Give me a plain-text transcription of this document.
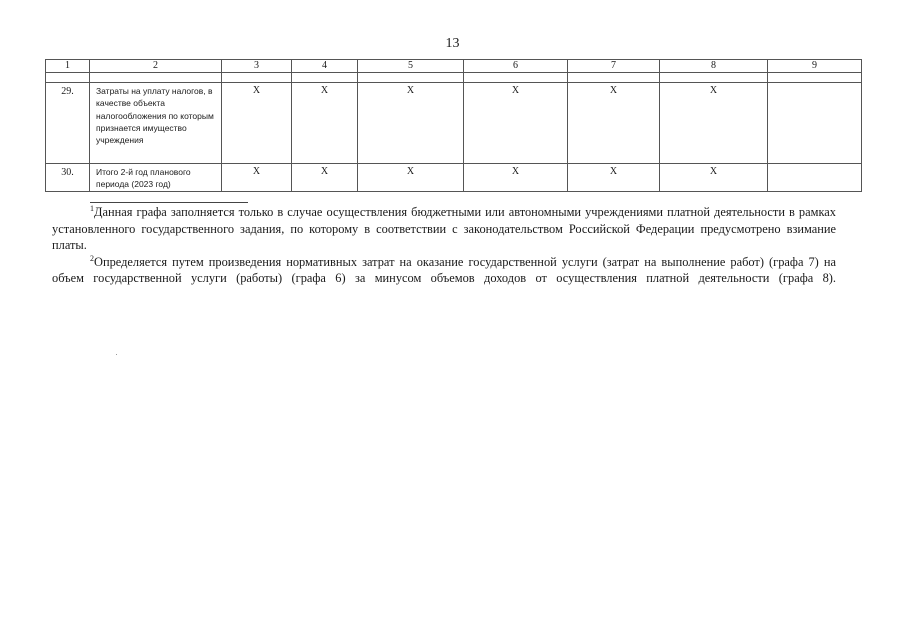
13
1	2	3	4	5	6	7	8	9

29.	Затраты на уплату налогов, в качестве объекта налогообложения по которым признается имущество учреждения	Х	Х	Х	Х	Х	Х	
30.	Итого 2-й год планового периода (2023 год)	Х	Х	Х	Х	Х	Х	

$^1$Данная графа заполняется только в случае осуществления бюджетными или автономными учреждениями платной деятельности в рамках установленного государственного задания, по которому в соответствии с законодательством Российской Федерации предусмотрено взимание платы.

$^2$Определяется путем произведения нормативных затрат на оказание государственной услуги (затрат на выполнение работ) (графа 7) на объем государственной услуги (работы) (графа 6) за минусом объемов доходов от осуществления платной деятельности (графа 8).
